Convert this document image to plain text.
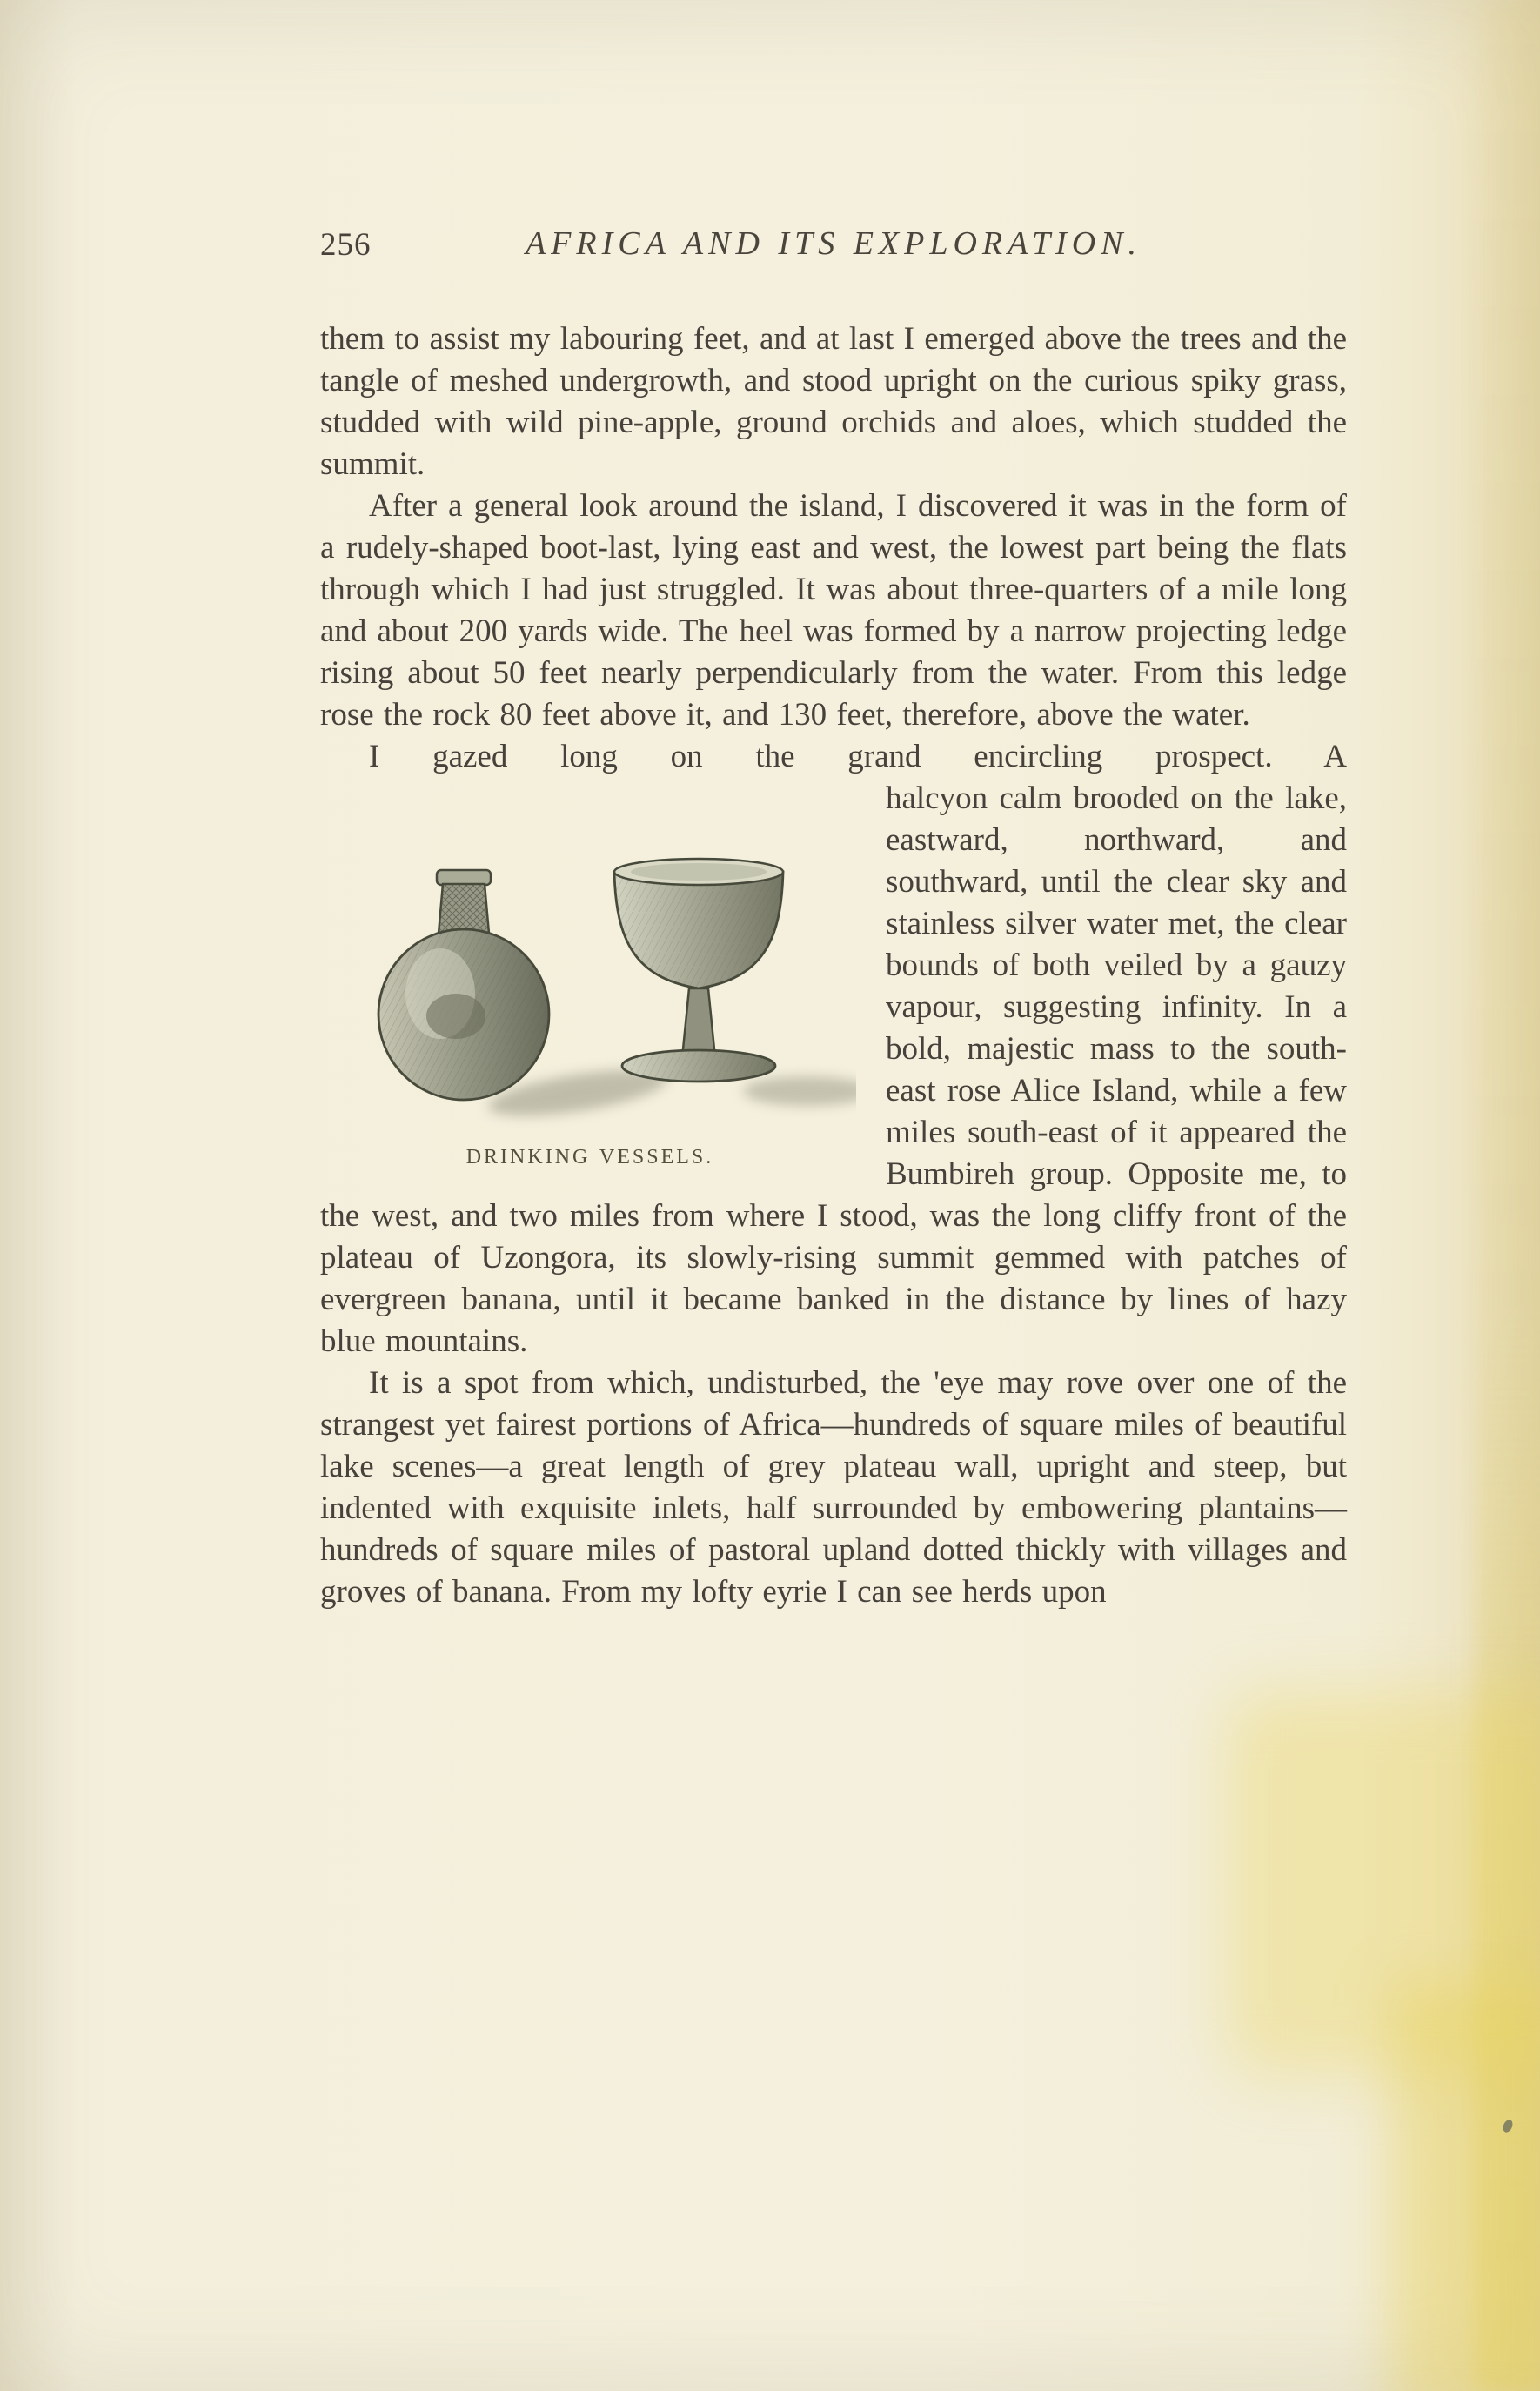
256	AFRICA AND ITS EXPLORATION.

them to assist my labouring feet, and at last I emerged above the trees and the tangle of meshed undergrowth, and stood upright on the curious spiky grass, studded with wild pine-apple, ground orchids and aloes, which studded the summit.

After a general look around the island, I discovered it was in the form of a rudely-shaped boot-last, lying east and west, the lowest part being the flats through which I had just struggled. It was about three-quarters of a mile long and about 200 yards wide. The heel was formed by a narrow projecting ledge rising about 50 feet nearly perpendicularly from the water. From this ledge rose the rock 80 feet above it, and 130 feet, therefore, above the water.

I gazed long on the grand encircling prospect. A
DRINKING VESSELS.
halcyon calm brooded on the lake, eastward, northward, and southward, until the clear sky and stainless silver water met, the clear bounds of both veiled by a gauzy vapour, suggesting infinity. In a bold, majestic mass to the south-east rose Alice Island, while a few miles south-east of it appeared the Bumbireh group. Opposite me, to the west, and two miles from where I stood, was the long cliffy front of the plateau of Uzongora, its slowly-rising summit gemmed with patches of evergreen banana, until it became banked in the distance by lines of hazy blue mountains.

It is a spot from which, undisturbed, the 'eye may rove over one of the strangest yet fairest portions of Africa—hundreds of square miles of beautiful lake scenes—a great length of grey plateau wall, upright and steep, but indented with exquisite inlets, half surrounded by embowering plantains—hundreds of square miles of pastoral upland dotted thickly with villages and groves of banana. From my lofty eyrie I can see herds upon
